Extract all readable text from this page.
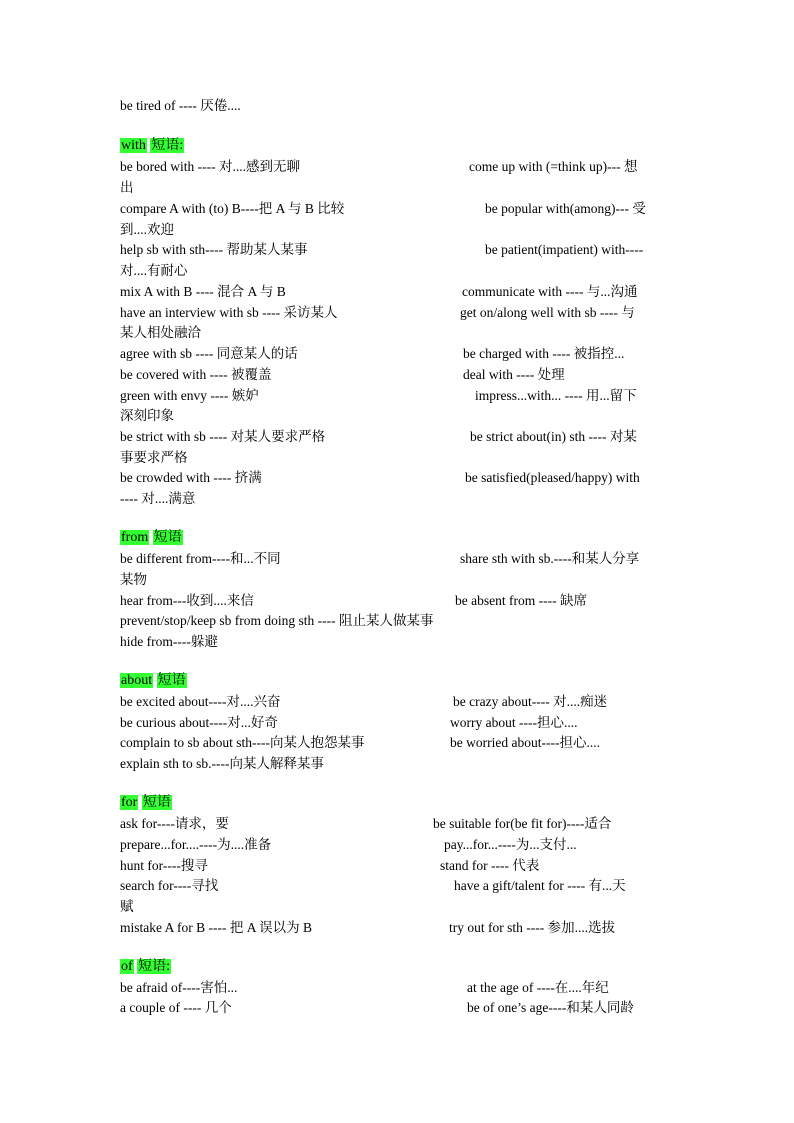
be tired of ---- 厌倦....
with 短语:
be bored with ---- 对....感到无聊	come up with (=think up)--- 想
出
compare A with (to) B----把 A 与 B 比较	be popular with(among)--- 受
到....欢迎
help sb with sth---- 帮助某人某事	be patient(impatient) with----
对....有耐心
mix A with B ---- 混合 A 与 B	communicate with ---- 与...沟通
have an interview with sb ---- 采访某人	get on/along well with sb ---- 与
某人相处融洽
agree with sb ---- 同意某人的话	be charged with ---- 被指控...
be covered with ---- 被覆盖	deal with ---- 处理
green with envy ---- 嫉妒	impress...with... ---- 用...留下
深刻印象
be strict with sb ---- 对某人要求严格	be strict about(in) sth ---- 对某
事要求严格
be crowded with ---- 挤满	be satisfied(pleased/happy) with
---- 对....满意
from 短语
be different from----和...不同	share sth with sb.----和某人分享
某物
hear from---收到....来信	be absent from ---- 缺席
prevent/stop/keep sb from doing sth ---- 阻止某人做某事
hide from----躲避
about 短语
be excited about----对....兴奋	be crazy about---- 对....痴迷
be curious about----对...好奇	worry about ----担心....
complain to sb about sth----向某人抱怨某事	be worried about----担心....
explain sth to sb.----向某人解释某事
for 短语
ask for----请求，要	be suitable for(be fit for)----适合
prepare...for....----为....准备	pay...for...----为...支付...
hunt for----搜寻	stand for ---- 代表
search for----寻找	have a gift/talent for ---- 有...天
赋
mistake A for B ---- 把 A 误以为 B	try out for sth ---- 参加....选拔
of 短语:
be afraid of----害怕...	at the age of ----在....年纪
a couple of ---- 几个	be of one’s age----和某人同龄
